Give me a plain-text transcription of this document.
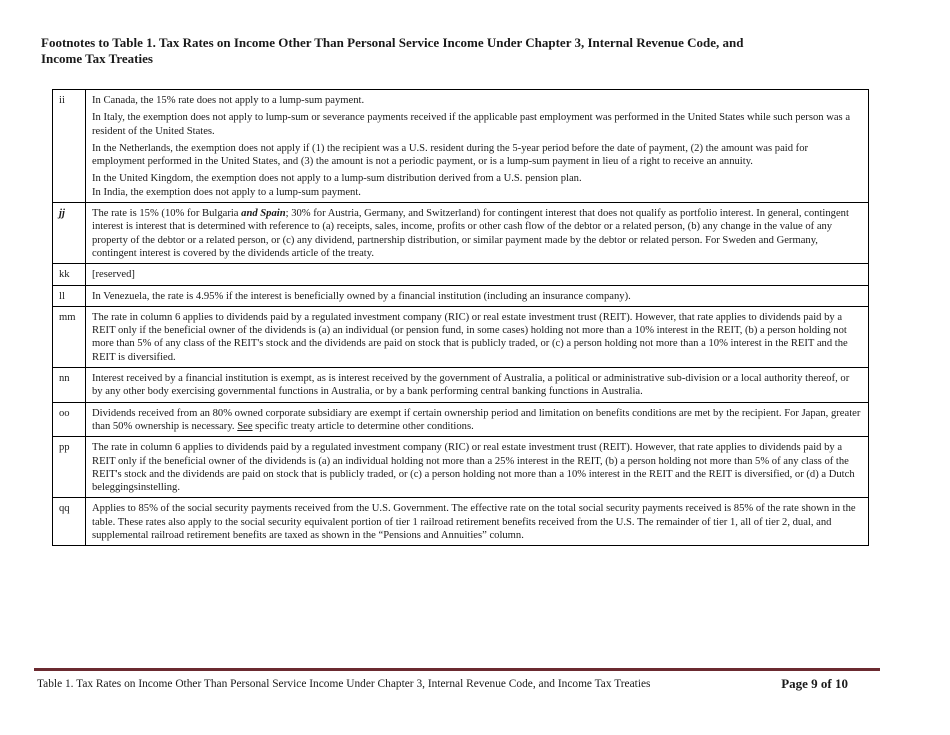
Footnotes to Table 1. Tax Rates on Income Other Than Personal Service Income Under Chapter 3, Internal Revenue Code, and
Income Tax Treaties
ii	In Canada, the 15% rate does not apply to a lump-sum payment.
In Italy, the exemption does not apply to lump-sum or severance payments received if the applicable past employment was performed in the United States while such person was a resident of the United States.
In the Netherlands, the exemption does not apply if (1) the recipient was a U.S. resident during the 5-year period before the date of payment, (2) the amount was paid for employment performed in the United States, and (3) the amount is not a periodic payment, or is a lump-sum payment in lieu of a right to receive an annuity.
In the United Kingdom, the exemption does not apply to a lump-sum distribution derived from a U.S. pension plan.
In India, the exemption does not apply to a lump-sum payment.

jj	The rate is 15% (10% for Bulgaria and Spain; 30% for Austria, Germany, and Switzerland) for contingent interest that does not qualify as portfolio interest. In general, contingent interest is interest that is determined with reference to (a) receipts, sales, income, profits or other cash flow of the debtor or a related person, (b) any change in the value of any property of the debtor or a related person, or (c) any dividend, partnership distribution, or similar payment made by the debtor or related person. For Sweden and Germany, contingent interest is covered by the dividends article of the treaty.
kk	[reserved]
ll	In Venezuela, the rate is 4.95% if the interest is beneficially owned by a financial institution (including an insurance company).
mm	The rate in column 6 applies to dividends paid by a regulated investment company (RIC) or real estate investment trust (REIT). However, that rate applies to dividends paid by a REIT only if the beneficial owner of the dividends is (a) an individual (or pension fund, in some cases) holding not more than a 10% interest in the REIT, (b) a person holding not more than 5% of any class of the REIT's stock and the dividends are paid on stock that is publicly traded, or (c) a person holding not more than a 10% interest in the REIT and the REIT is diversified.
nn	Interest received by a financial institution is exempt, as is interest received by the government of Australia, a political or administrative sub-division or a local authority thereof, or by any other body exercising governmental functions in Australia, or by a bank performing central banking functions in Australia.
oo	Dividends received from an 80% owned corporate subsidiary are exempt if certain ownership period and limitation on benefits conditions are met by the recipient. For Japan, greater than 50% ownership is necessary. See specific treaty article to determine other conditions.
pp	The rate in column 6 applies to dividends paid by a regulated investment company (RIC) or real estate investment trust (REIT). However, that rate applies to dividends paid by a REIT only if the beneficial owner of the dividends is (a) an individual holding not more than a 25% interest in the REIT, (b) a person holding not more than 5% of any class of the REIT's stock and the dividends are paid on stock that is publicly traded, or (c) a person holding not more than a 10% interest in the REIT and the REIT is diversified, or (d) a Dutch beleggingsinstelling.
qq	Applies to 85% of the social security payments received from the U.S. Government. The effective rate on the total social security payments received is 85% of the rate shown in the table. These rates also apply to the social security equivalent portion of tier 1 railroad retirement benefits received from the U.S. The remainder of tier 1, all of tier 2, dual, and supplemental railroad retirement benefits are taxed as shown in the “Pensions and Annuities” column.
Table 1. Tax Rates on Income Other Than Personal Service Income Under Chapter 3, Internal Revenue Code, and Income Tax Treaties	Page 9 of 10
